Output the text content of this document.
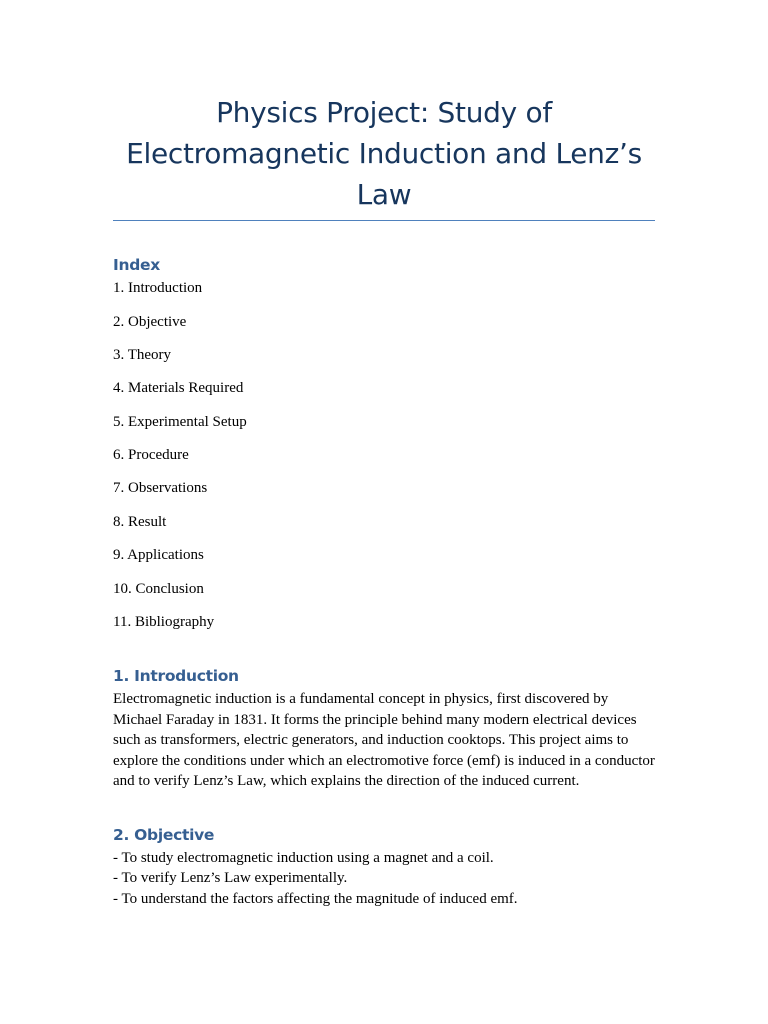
Physics Project: Study of Electromagnetic Induction and Lenz’s Law
Index
1. Introduction
2. Objective
3. Theory
4. Materials Required
5. Experimental Setup
6. Procedure
7. Observations
8. Result
9. Applications
10. Conclusion
11. Bibliography
1. Introduction

Electromagnetic induction is a fundamental concept in physics, first discovered by Michael Faraday in 1831. It forms the principle behind many modern electrical devices such as transformers, electric generators, and induction cooktops. This project aims to explore the conditions under which an electromotive force (emf) is induced in a conductor and to verify Lenz’s Law, which explains the direction of the induced current.

2. Objective
- To study electromagnetic induction using a magnet and a coil.
- To verify Lenz’s Law experimentally.
- To understand the factors affecting the magnitude of induced emf.
